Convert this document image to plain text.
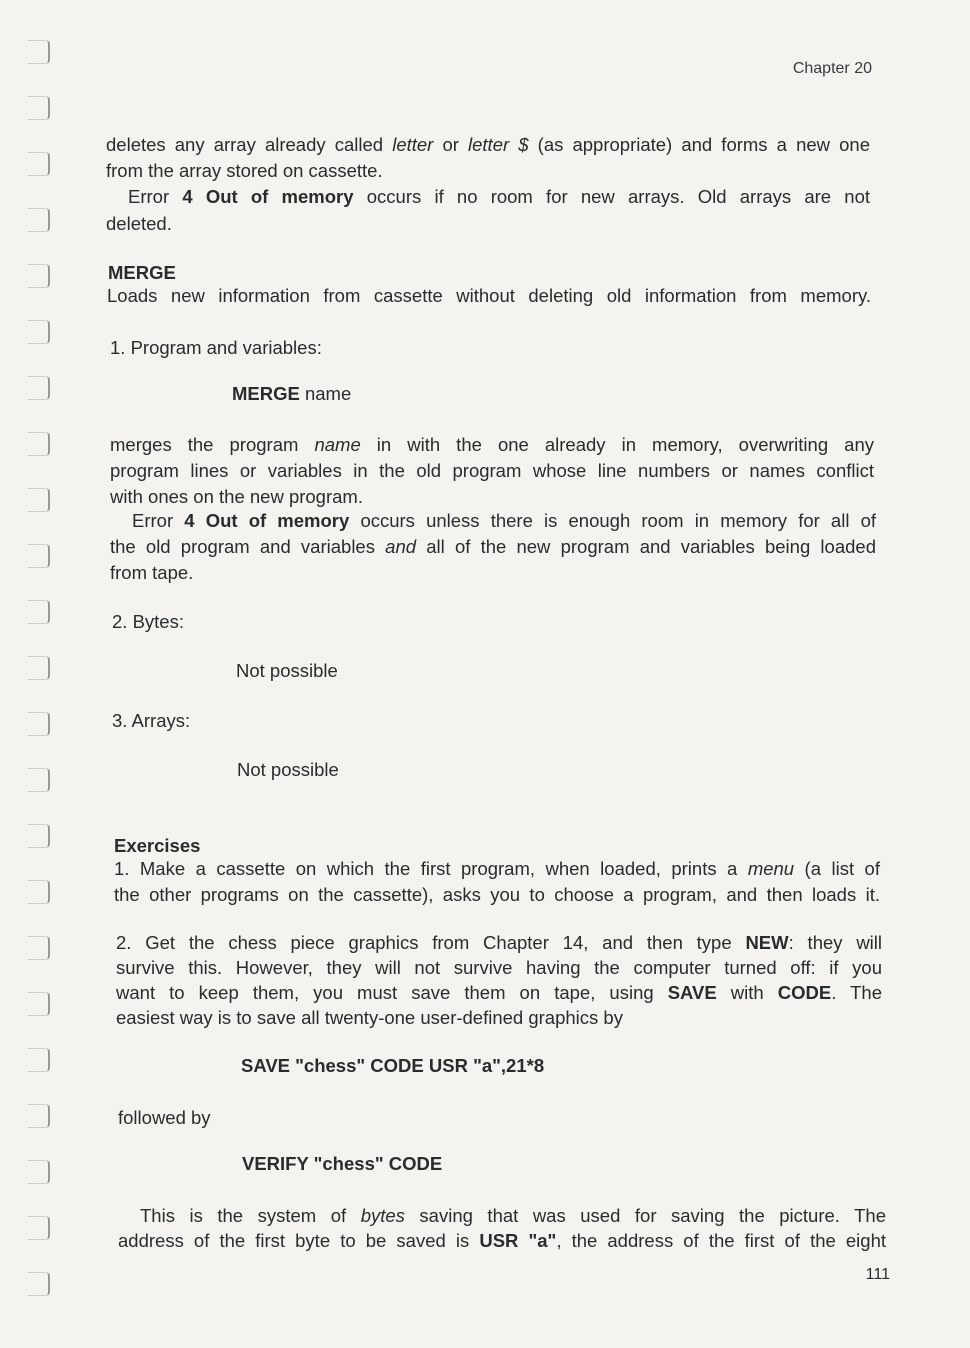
Chapter 20
deletes any array already called letter or letter $ (as appropriate) and forms a new one
from the array stored on cassette.
Error 4 Out of memory occurs if no room for new arrays. Old arrays are not
deleted.
MERGE
Loads new information from cassette without deleting old information from memory.
1. Program and variables:
MERGE name
merges the program name in with the one already in memory, overwriting any
program lines or variables in the old program whose line numbers or names conflict
with ones on the new program.
Error 4 Out of memory occurs unless there is enough room in memory for all of
the old program and variables and all of the new program and variables being loaded
from tape.
2. Bytes:
Not possible
3. Arrays:
Not possible
Exercises
1. Make a cassette on which the first program, when loaded, prints a menu (a list of
the other programs on the cassette), asks you to choose a program, and then loads it.
2. Get the chess piece graphics from Chapter 14, and then type NEW: they will
survive this. However, they will not survive having the computer turned off: if you
want to keep them, you must save them on tape, using SAVE with CODE. The
easiest way is to save all twenty-one user-defined graphics by
SAVE "chess" CODE USR "a",21*8
followed by
VERIFY "chess" CODE
This is the system of bytes saving that was used for saving the picture. The
address of the first byte to be saved is USR "a", the address of the first of the eight
111
